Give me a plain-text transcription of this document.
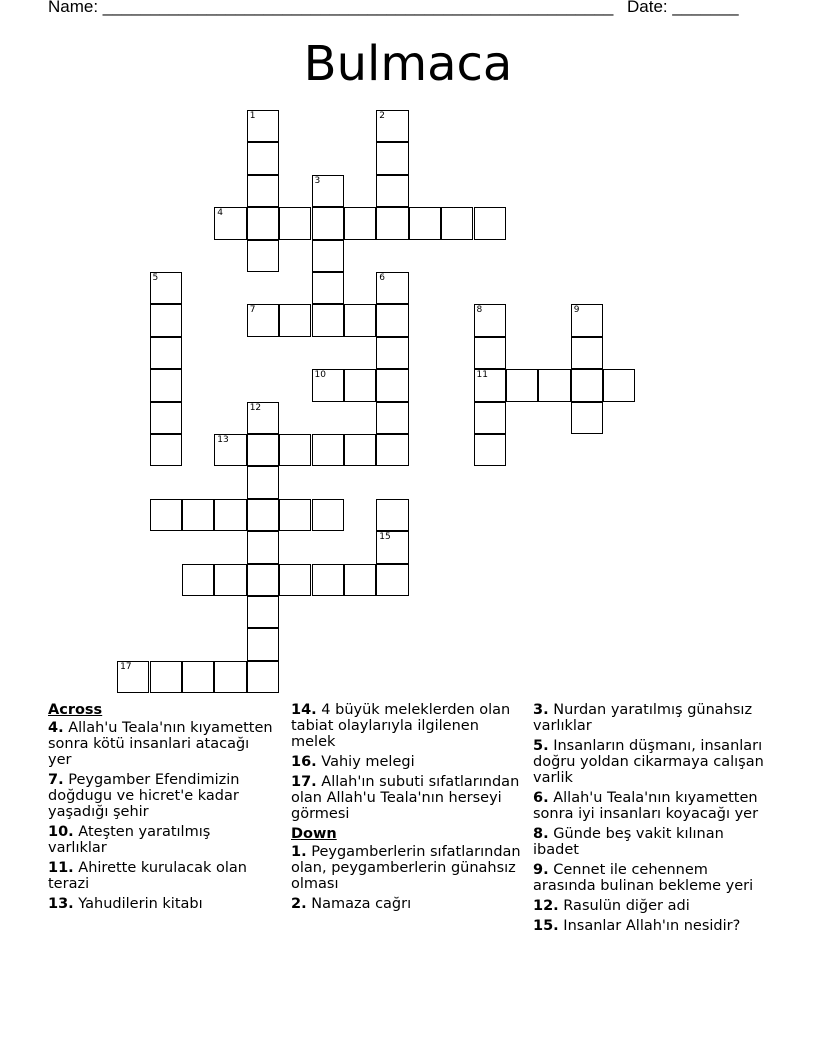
Name: ______________________________________________________ Date: _______
Bulmaca
1	2
3
4
5	6
7	8
11
9
10
12
13
15
17
Across
4. Allah'u Teala'nın kıyametten sonra kötü insanlari atacağı yer
7. Peygamber Efendimizin doğdugu ve hicret'e kadar yaşadığı şehir
10. Ateşten yaratılmış varlıklar
11. Ahirette kurulacak olan terazi
13. Yahudilerin kitabı
14. 4 büyük meleklerden olan tabiat olaylarıyla ilgilenen melek
16. Vahiy melegi
17. Allah'ın subuti sıfatlarından olan Allah'u Teala'nın herseyi görmesi
Down
1. Peygamberlerin sıfatlarından olan, peygamberlerin günahsız olması
2. Namaza cağrı
3. Nurdan yaratılmış günahsız varlıklar
5. Insanların düşmanı, insanları doğru yoldan cikarmaya calışan varlik
6. Allah'u Teala'nın kıyametten sonra iyi insanları koyacağı yer
8. Günde beş vakit kılınan ibadet
9. Cennet ile cehennem arasında bulinan bekleme yeri
12. Rasulün diğer adi
15. Insanlar Allah'ın nesidir?
